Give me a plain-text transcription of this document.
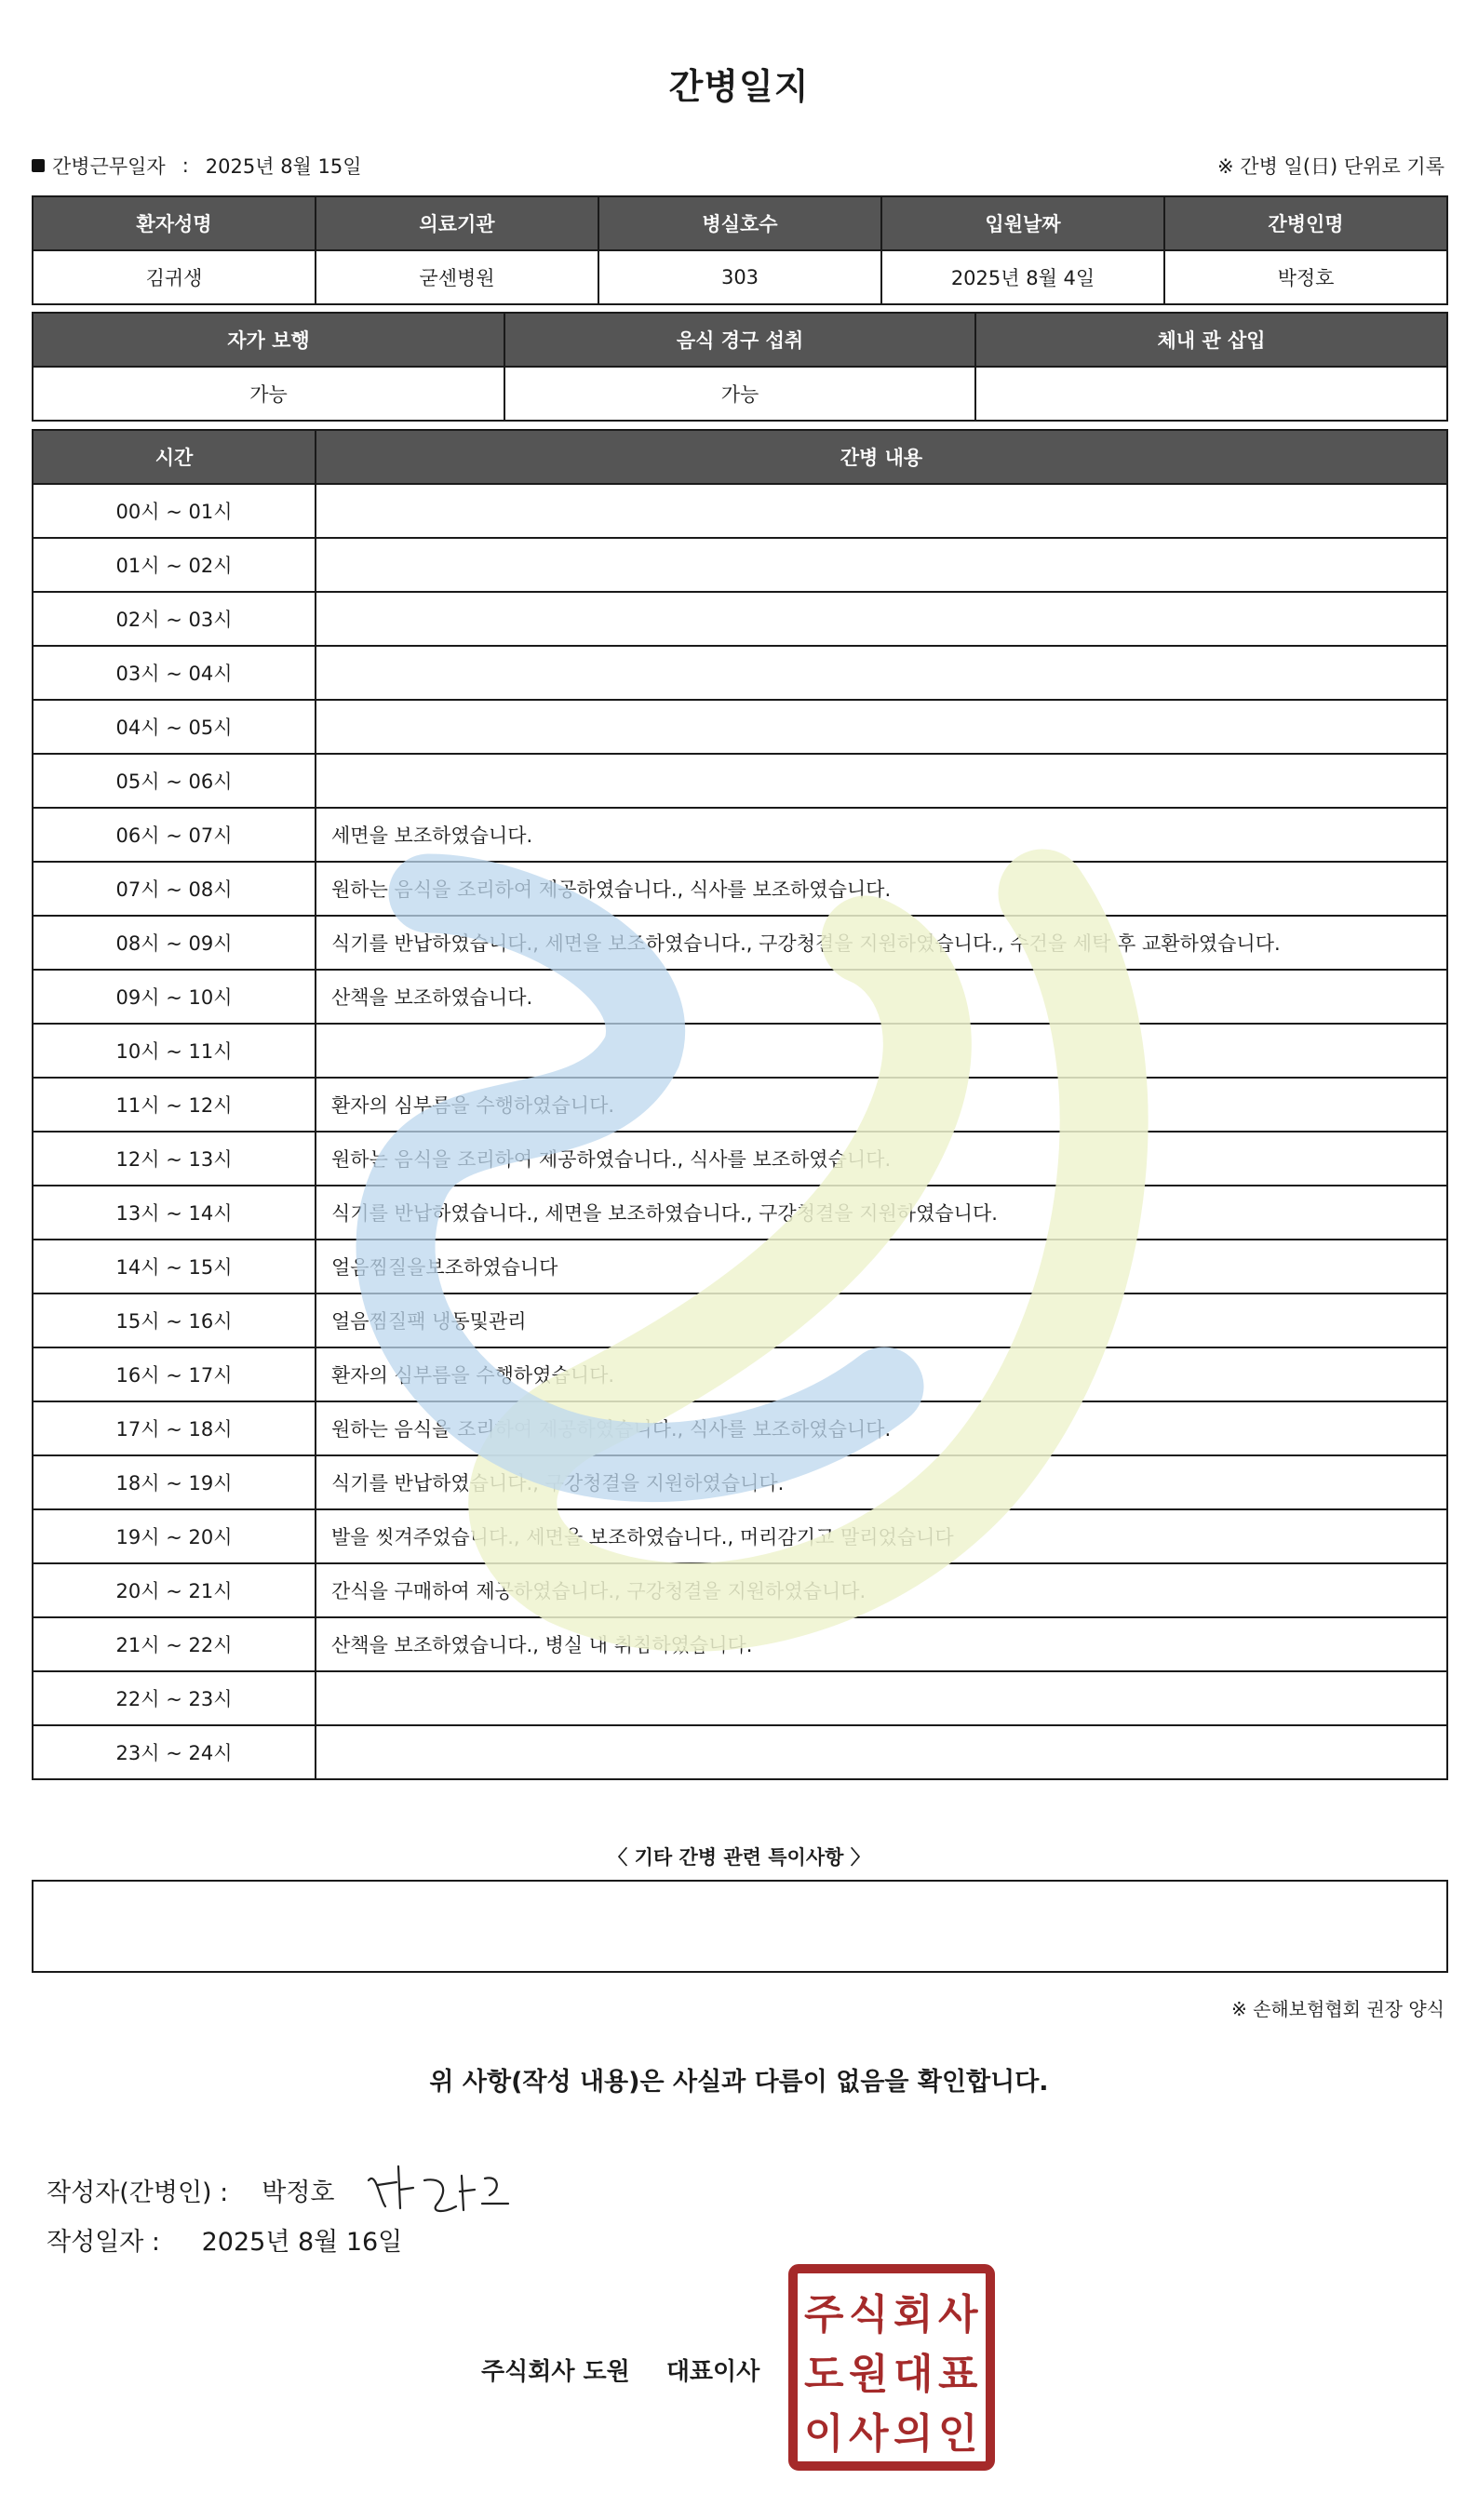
간병일지
간병근무일자 : 2025년 8월 15일	※ 간병 일(日) 단위로 기록
환자성명	의료기관	병실호수	입원날짜	간병인명
김귀생	굳센병원	303	2025년 8월 4일	박정호
자가 보행	음식 경구 섭취	체내 관 삽입
가능	가능	
시간	간병 내용
00시 ~ 01시	
01시 ~ 02시	
02시 ~ 03시	
03시 ~ 04시	
04시 ~ 05시	
05시 ~ 06시	
06시 ~ 07시	세면을 보조하였습니다.
07시 ~ 08시	원하는 음식을 조리하여 제공하였습니다., 식사를 보조하였습니다.
08시 ~ 09시	식기를 반납하였습니다., 세면을 보조하였습니다., 구강청결을 지원하였습니다., 수건을 세탁 후 교환하였습니다.
09시 ~ 10시	산책을 보조하였습니다.
10시 ~ 11시	
11시 ~ 12시	환자의 심부름을 수행하였습니다.
12시 ~ 13시	원하는 음식을 조리하여 제공하였습니다., 식사를 보조하였습니다.
13시 ~ 14시	식기를 반납하였습니다., 세면을 보조하였습니다., 구강청결을 지원하였습니다.
14시 ~ 15시	얼음찜질을보조하였습니다
15시 ~ 16시	얼음찜질팩 냉동및관리
16시 ~ 17시	환자의 심부름을 수행하였습니다.
17시 ~ 18시	원하는 음식을 조리하여 제공하였습니다., 식사를 보조하였습니다.
18시 ~ 19시	식기를 반납하였습니다., 구강청결을 지원하였습니다.
19시 ~ 20시	발을 씻겨주었습니다., 세면을 보조하였습니다., 머리감기고 말리었습니다
20시 ~ 21시	간식을 구매하여 제공하였습니다., 구강청결을 지원하였습니다.
21시 ~ 22시	산책을 보조하였습니다., 병실 내 취침하였습니다.
22시 ~ 23시	
23시 ~ 24시	
〈 기타 간병 관련 특이사항 〉
※ 손해보험협회 권장 양식
위 사항(작성 내용)은 사실과 다름이 없음을 확인합니다.
작성자(간병인) : 박정호
작성일자 : 2025년 8월 16일
주식회사 도원 대표이사
주 식 회 사
도 원 대 표
이 사 의 인
